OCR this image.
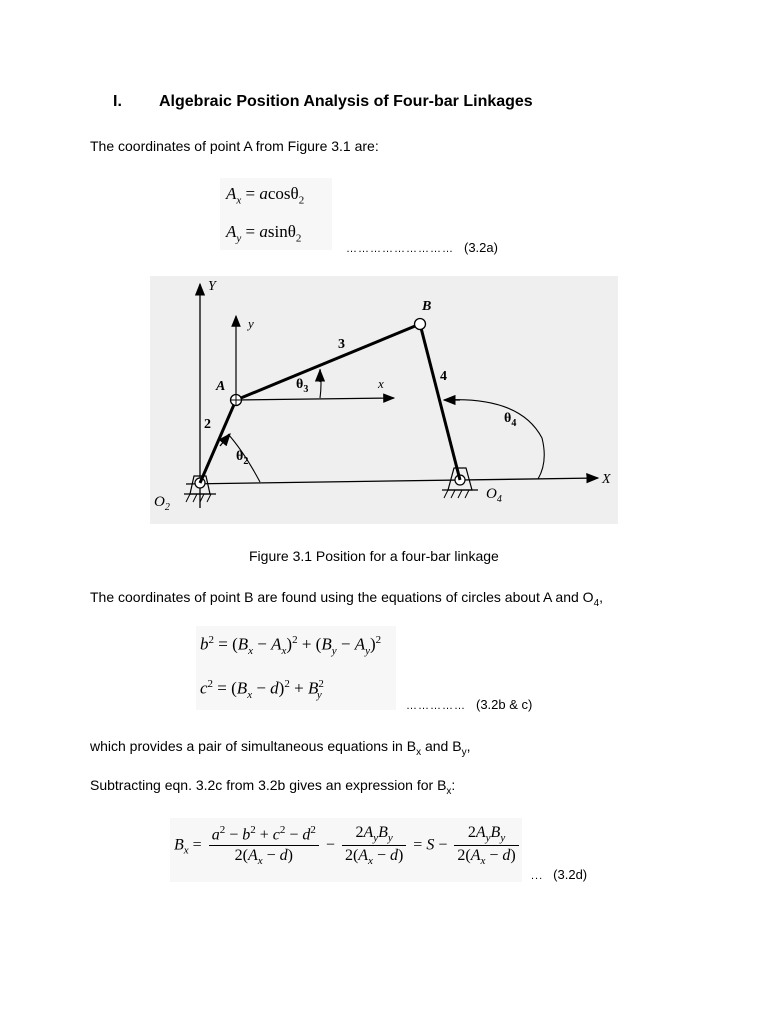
I. Algebraic Position Analysis of Four-bar Linkages
The coordinates of point A from Figure 3.1 are:
$A_x = acos\theta_2$
$A_y = asin\theta_2$
……………………… (3.2a)
Y
X
y
x
$O_2$
$O_4$
A
B
2
3
4
$\theta_2$
$\theta_3$
$\theta_4$
Figure 3.1 Position for a four-bar linkage
The coordinates of point B are found using the equations of circles about A and $O_4$,
$b^2 = (B_x - A_x)^2 + (B_y - A_y)^2$
$c^2 = (B_x - d)^2 + B^2_y$
…………… (3.2b & c)
which provides a pair of simultaneous equations in $B_x$ and $B_y$,
Subtracting eqn. 3.2c from 3.2b gives an expression for $B_x$:
$B_x = \frac{a^2 - b^2 + c^2 - d^2}{2(A_x - d)} - \frac{2A_yB_y}{2(A_x - d)} = S - \frac{2A_yB_y}{2(A_x - d)}$
... (3.2d)
